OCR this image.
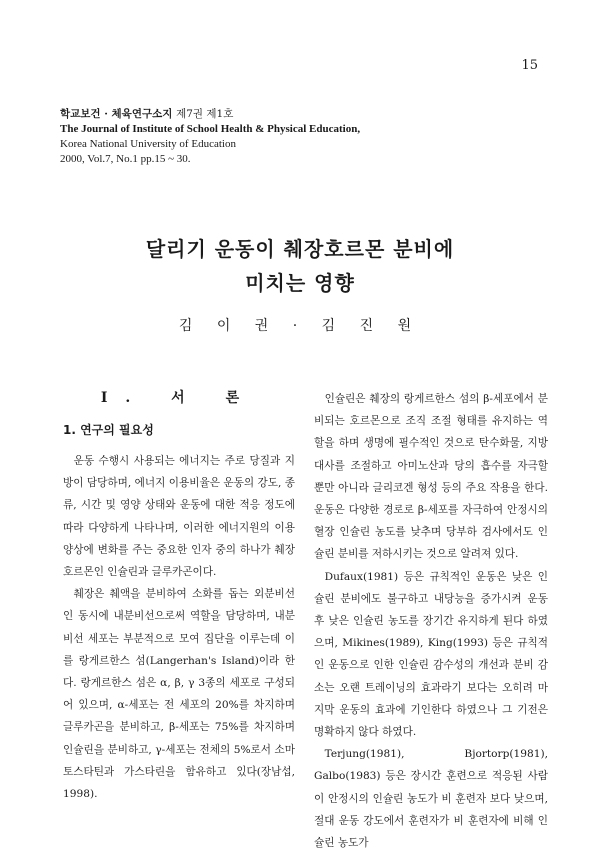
15
학교보건 · 체육연구소지 제7권 제1호
The Journal of Institute of School Health & Physical Education,
Korea National University of Education
2000, Vol.7, No.1 pp.15 ~ 30.
달리기 운동이 췌장호르몬 분비에
미치는 영향
김 이 권 · 김 진 원
Ⅰ. 서 론
1. 연구의 필요성

운동 수행시 사용되는 에너지는 주로 당질과 지방이 담당하며, 에너지 이용비율은 운동의 강도, 종류, 시간 및 영양 상태와 운동에 대한 적응 정도에 따라 다양하게 나타나며, 이러한 에너지원의 이용 양상에 변화를 주는 중요한 인자 중의 하나가 췌장 호르몬인 인슐린과 글루카곤이다.

췌장은 췌액을 분비하여 소화를 돕는 외분비선인 동시에 내분비선으로써 역할을 담당하며, 내분비선 세포는 부분적으로 모여 집단을 이루는데 이를 랑게르한스 섬(Langerhan's Island)이라 한다. 랑게르한스 섬은 α, β, γ 3종의 세포로 구성되어 있으며, α-세포는 전 세포의 20%를 차지하며 글루카곤을 분비하고, β-세포는 75%를 차지하며 인슐린을 분비하고, γ-세포는 전체의 5%로서 소마토스타틴과 가스타린을 함유하고 있다(장남섭, 1998).

인슐린은 췌장의 랑게르한스 섬의 β-세포에서 분비되는 호르몬으로 조직 조절 형태를 유지하는 역할을 하며 생명에 필수적인 것으로 탄수화물, 지방대사를 조절하고 아미노산과 당의 흡수를 자극할 뿐만 아니라 글리코겐 형성 등의 주요 작용을 한다. 운동은 다양한 경로로 β-세포를 자극하여 안정시의 혈장 인슐린 농도를 낮추며 당부하 검사에서도 인슐린 분비를 저하시키는 것으로 알려져 있다.

Dufaux(1981) 등은 규칙적인 운동은 낮은 인슐린 분비에도 불구하고 내당능을 증가시켜 운동 후 낮은 인슐린 농도를 장기간 유지하게 된다 하였으며, Mikines(1989), King(1993) 등은 규칙적인 운동으로 인한 인슐린 감수성의 개선과 분비 감소는 오랜 트레이닝의 효과라기 보다는 오히려 마지막 운동의 효과에 기인한다 하였으나 그 기전은 명확하지 않다 하였다.

Terjung(1981), Bjortorp(1981), Galbo(1983) 등은 장시간 훈련으로 적응된 사람이 안정시의 인슐린 농도가 비 훈련자 보다 낮으며, 절대 운동 강도에서 훈련자가 비 훈련자에 비해 인슐린 농도가
